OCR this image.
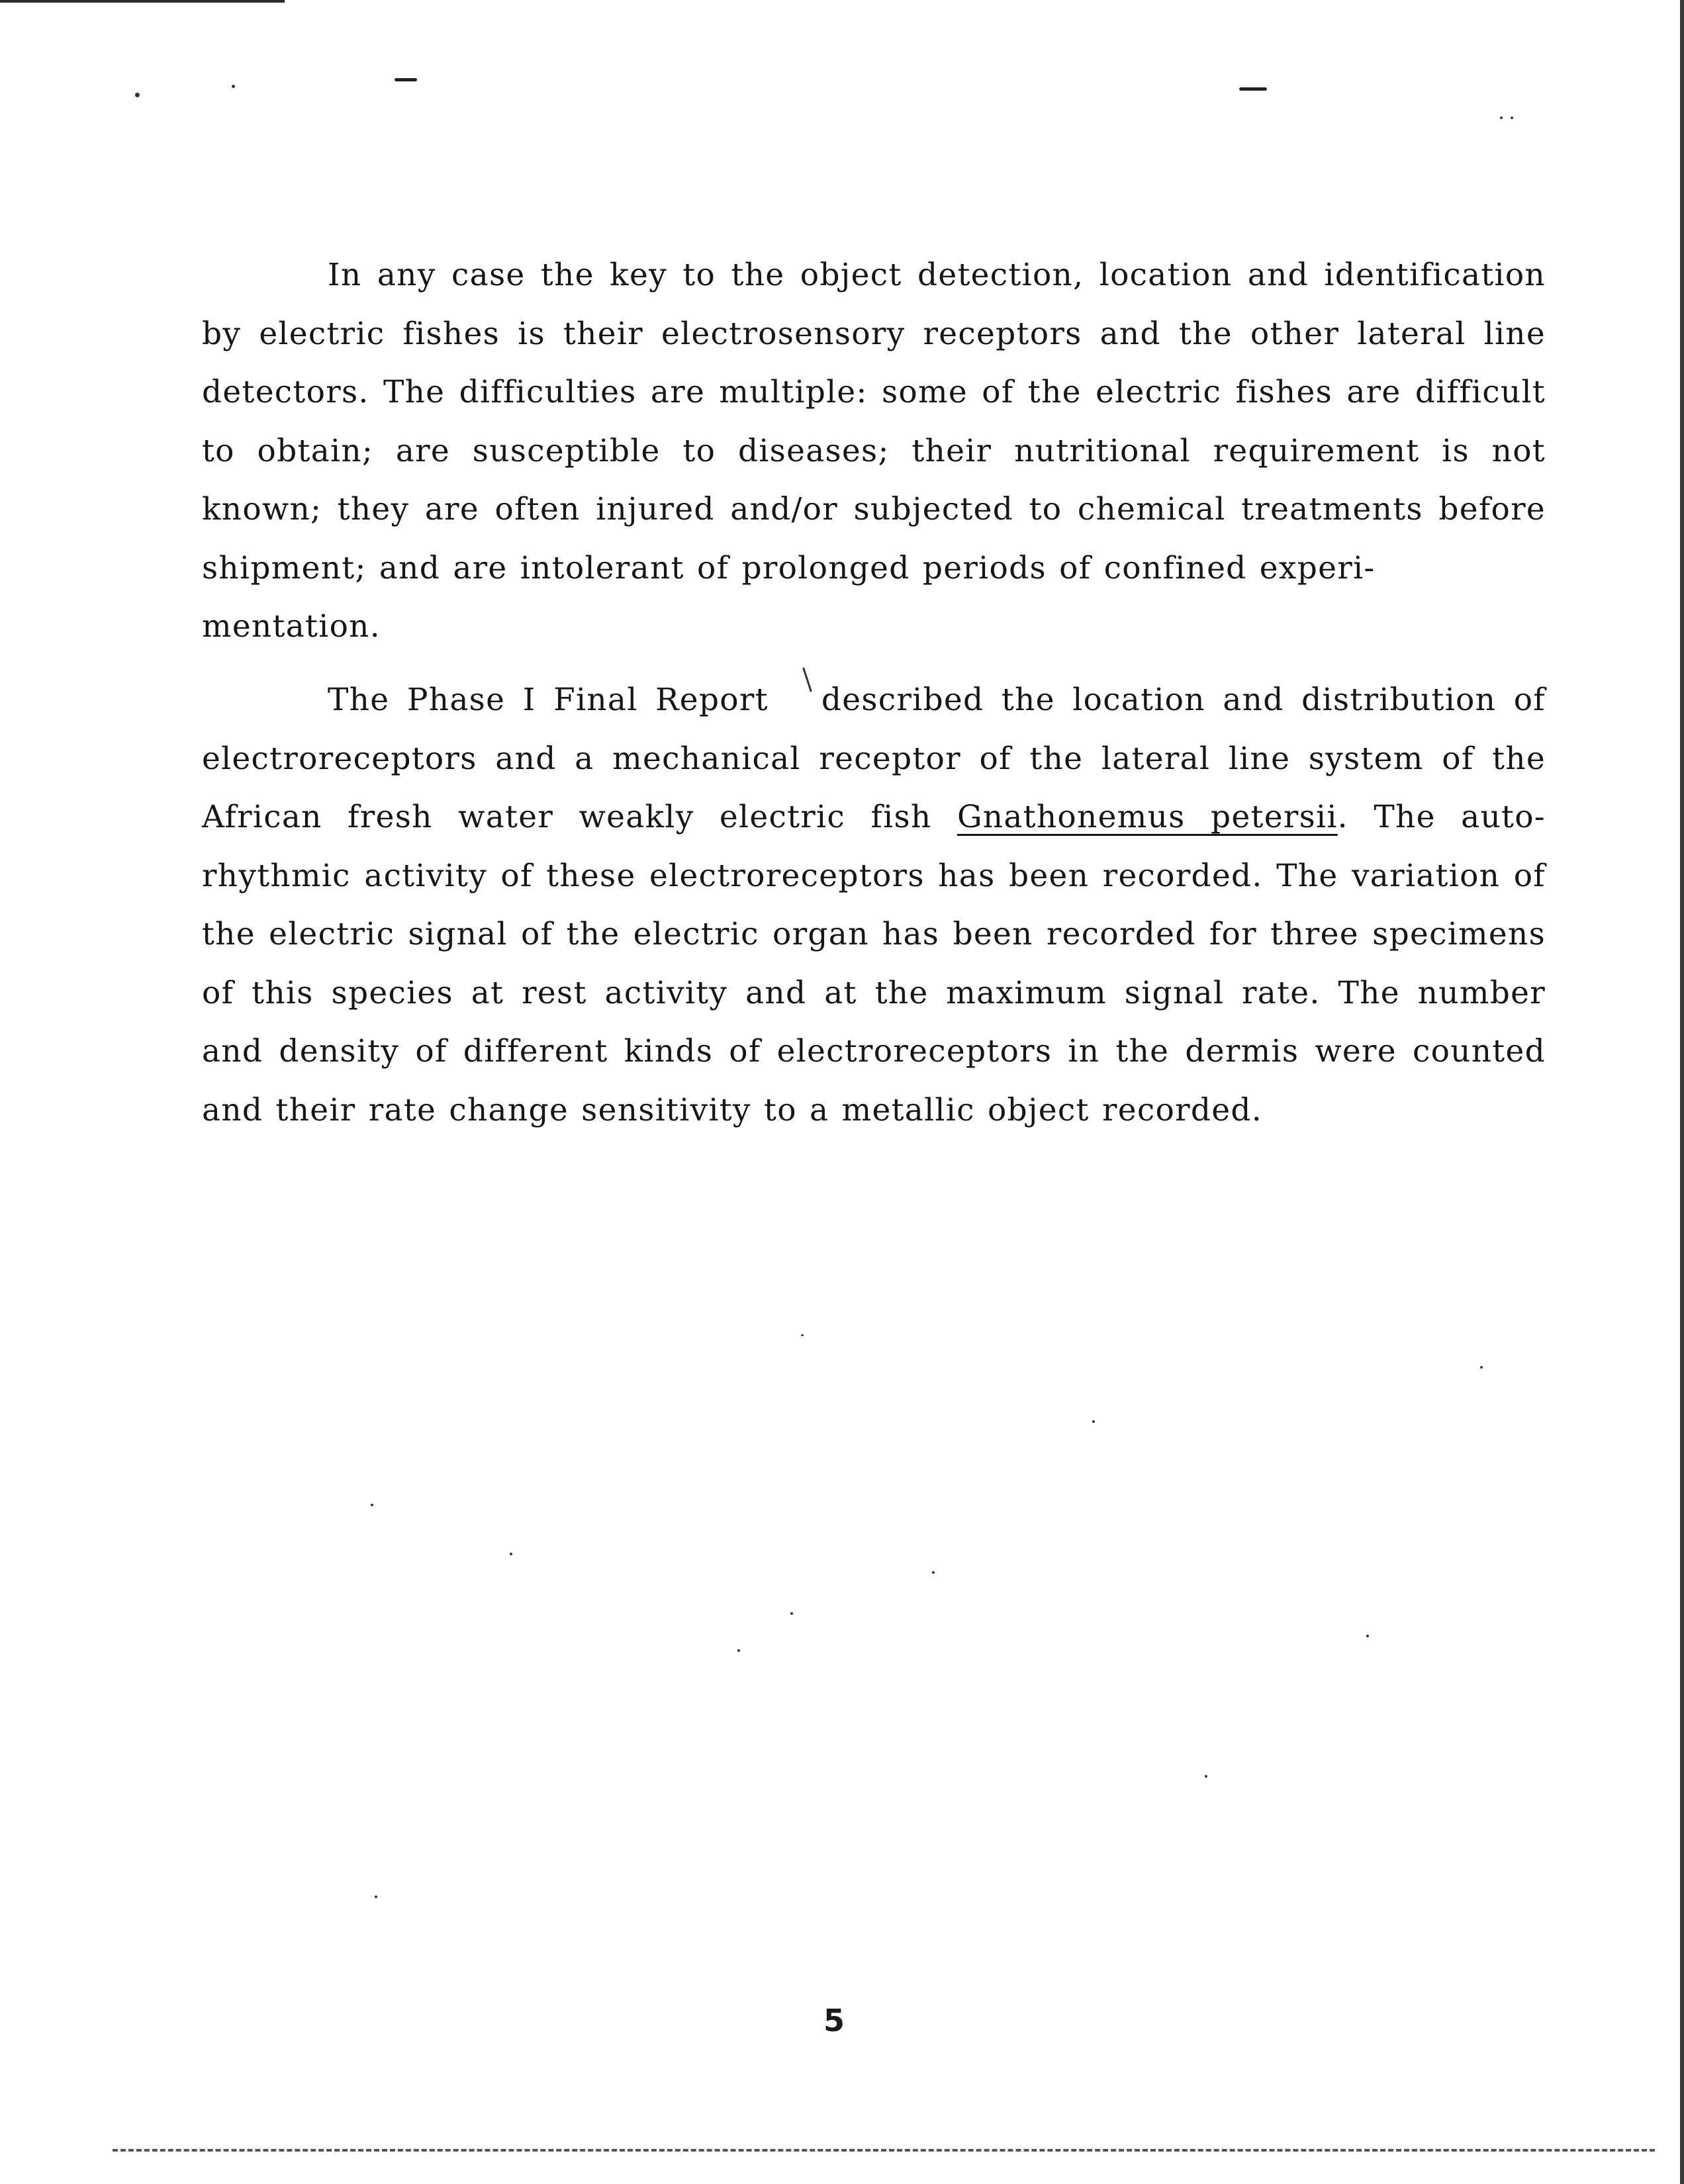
In any case the key to the object detection, location and identification by electric fishes is their electrosensory receptors and the other lateral line detectors. The difficulties are multiple: some of the electric fishes are difficult to obtain; are susceptible to diseases; their nutritional requirement is not known; they are often injured and/or subjected to chemical treatments before shipment; and are intolerant of prolonged periods of confined experi-
mentation.
The Phase I Final Report described the location and distribution of electroreceptors and a mechanical receptor of the lateral line system of the African fresh water weakly electric fish Gnathonemus petersii. The auto-rhythmic activity of these electroreceptors has been recorded. The variation of the electric signal of the electric organ has been recorded for three specimens of this species at rest activity and at the maximum signal rate. The number and density of different kinds of electroreceptors in the dermis were counted and their rate change sensitivity to a metallic object recorded.
5
